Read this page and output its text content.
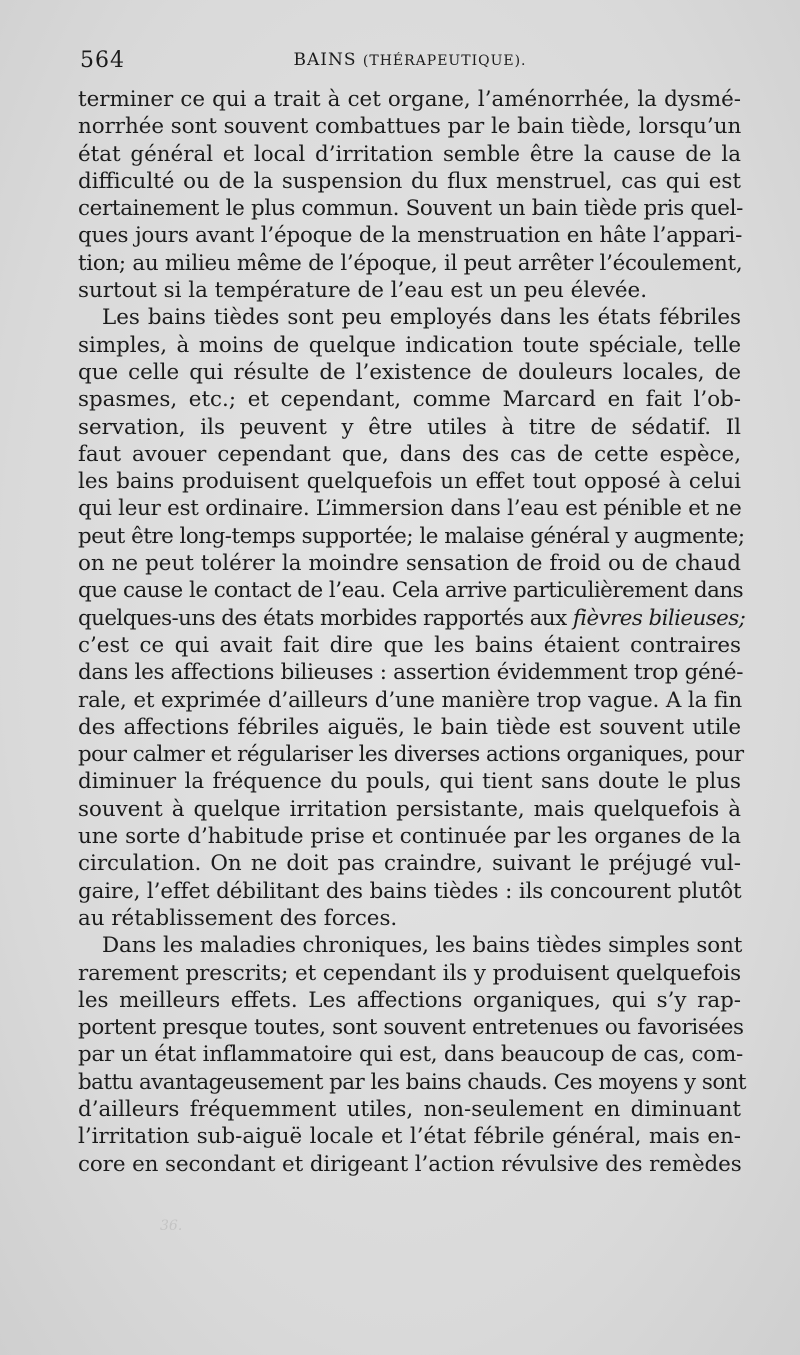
564	BAINS (THÉRAPEUTIQUE).
terminer ce qui a trait à cet organe, l’aménorrhée, la dysmé-
norrhée sont souvent combattues par le bain tiède, lorsqu’un
état général et local d’irritation semble être la cause de la
difficulté ou de la suspension du flux menstruel, cas qui est
certainement le plus commun. Souvent un bain tiède pris quel-
ques jours avant l’époque de la menstruation en hâte l’appari-
tion; au milieu même de l’époque, il peut arrêter l’écoulement,
surtout si la température de l’eau est un peu élevée.
Les bains tièdes sont peu employés dans les états fébriles
simples, à moins de quelque indication toute spéciale, telle
que celle qui résulte de l’existence de douleurs locales, de
spasmes, etc.; et cependant, comme Marcard en fait l’ob-
servation, ils peuvent y être utiles à titre de sédatif. Il
faut avouer cependant que, dans des cas de cette espèce,
les bains produisent quelquefois un effet tout opposé à celui
qui leur est ordinaire. L’immersion dans l’eau est pénible et ne
peut être long-temps supportée; le malaise général y augmente;
on ne peut tolérer la moindre sensation de froid ou de chaud
que cause le contact de l’eau. Cela arrive particulièrement dans
quelques-uns des états morbides rapportés aux fièvres bilieuses;
c’est ce qui avait fait dire que les bains étaient contraires
dans les affections bilieuses : assertion évidemment trop géné-
rale, et exprimée d’ailleurs d’une manière trop vague. A la fin
des affections fébriles aiguës, le bain tiède est souvent utile
pour calmer et régulariser les diverses actions organiques, pour
diminuer la fréquence du pouls, qui tient sans doute le plus
souvent à quelque irritation persistante, mais quelquefois à
une sorte d’habitude prise et continuée par les organes de la
circulation. On ne doit pas craindre, suivant le préjugé vul-
gaire, l’effet débilitant des bains tièdes : ils concourent plutôt
au rétablissement des forces.
Dans les maladies chroniques, les bains tièdes simples sont
rarement prescrits; et cependant ils y produisent quelquefois
les meilleurs effets. Les affections organiques, qui s’y rap-
portent presque toutes, sont souvent entretenues ou favorisées
par un état inflammatoire qui est, dans beaucoup de cas, com-
battu avantageusement par les bains chauds. Ces moyens y sont
d’ailleurs fréquemment utiles, non-seulement en diminuant
l’irritation sub-aiguë locale et l’état fébrile général, mais en-
core en secondant et dirigeant l’action révulsive des remèdes
36.
